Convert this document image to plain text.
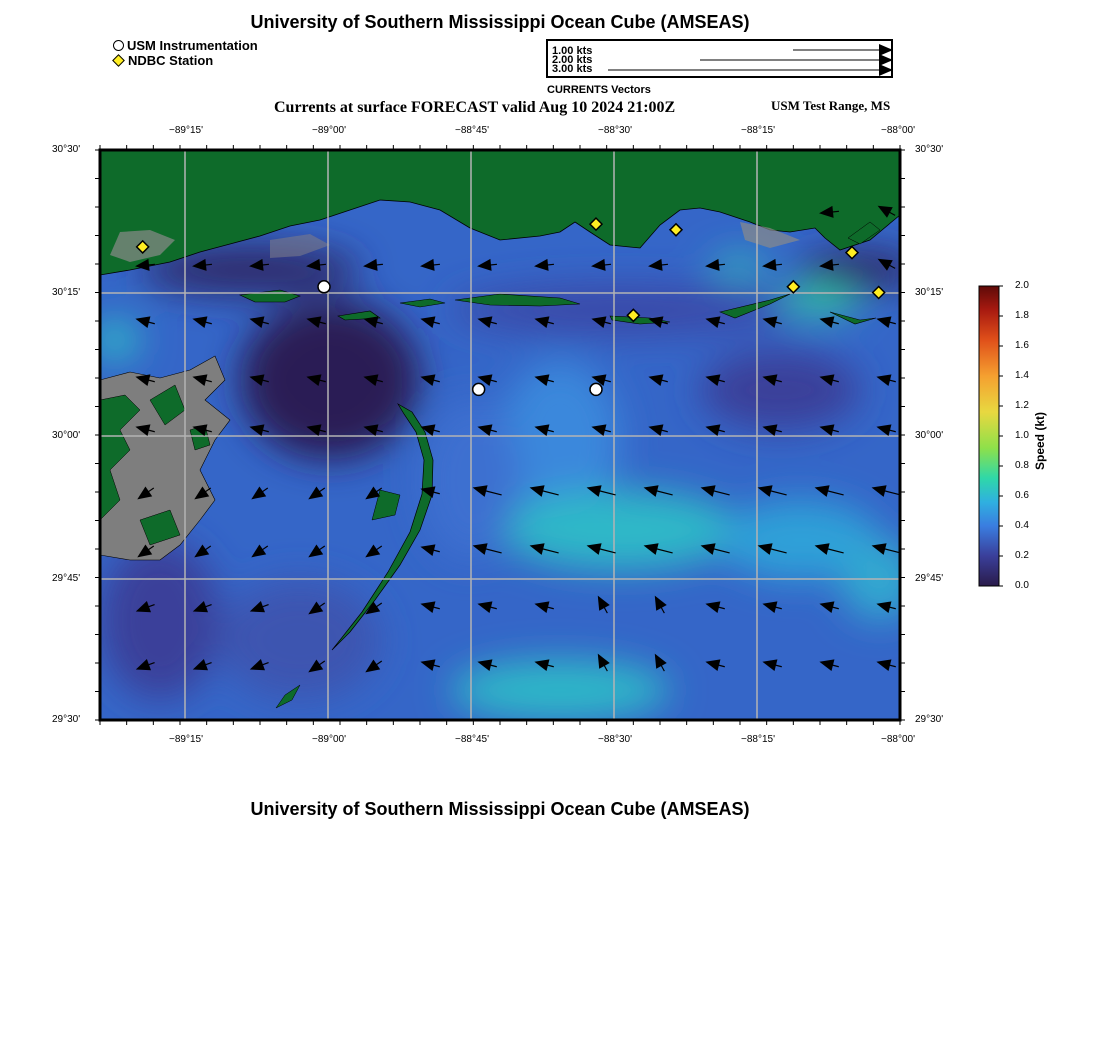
University of Southern Mississippi Ocean Cube (AMSEAS)
USM Instrumentation
NDBC Station
1.00 kts
2.00 kts
3.00 kts
CURRENTS Vectors
Currents at surface FORECAST valid Aug 10 2024 21:00Z	USM Test Range, MS
−89°15'	−89°00'	−88°45'	−88°30'	−88°15'	−88°00'
−89°15'	−89°00'	−88°45'	−88°30'	−88°15'	−88°00'
30°30'
30°15'
30°00'
29°45'
29°30'
30°30'
30°15'
30°00'
29°45'
29°30'
2.0
1.8
1.6
1.4
1.2
1.0
0.8
0.6
0.4
0.2
0.0
Speed (kt)
University of Southern Mississippi Ocean Cube (AMSEAS)
